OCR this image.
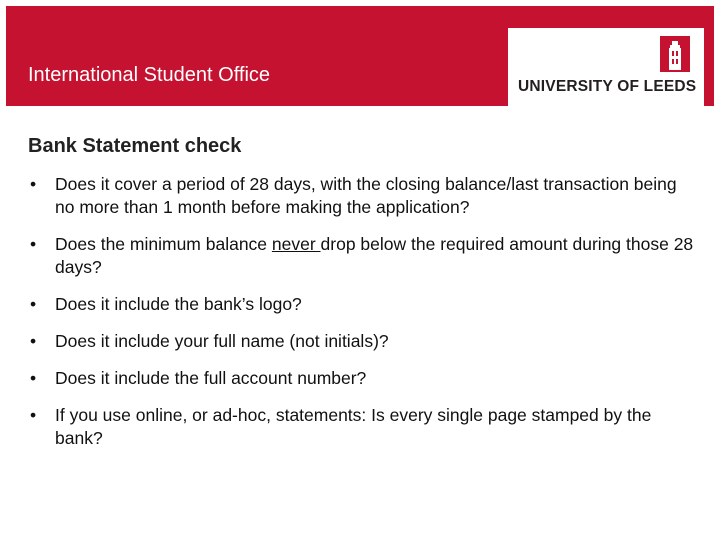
International Student Office
UNIVERSITY OF LEEDS
Bank Statement check
• Does it cover a period of 28 days, with the closing balance/last transaction being no more than 1 month before making the application?
• Does the minimum balance never drop below the required amount during those 28 days?
• Does it include the bank’s logo?
• Does it include your full name (not initials)?
• Does it include the full account number?
• If you use online, or ad-hoc, statements: Is every single page stamped by the bank?
